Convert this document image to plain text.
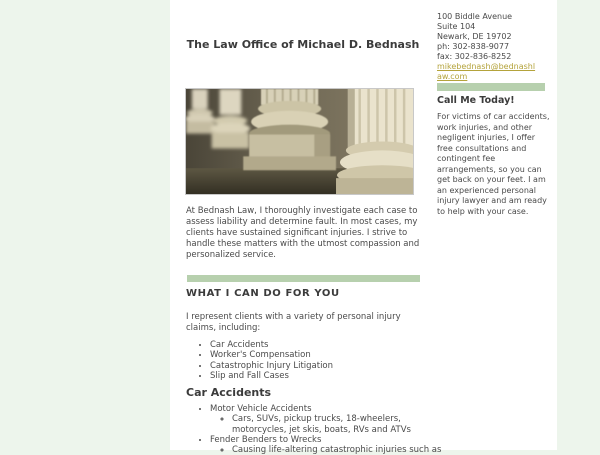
The Law Office of Michael D. Bednash
At Bednash Law, I thoroughly investigate each case to assess liability and determine fault. In most cases, my clients have sustained significant injuries. I strive to handle these matters with the utmost compassion and personalized service.
WHAT I CAN DO FOR YOU
I represent clients with a variety of personal injury claims, including:
• Car Accidents
• Worker's Compensation
• Catastrophic Injury Litigation
• Slip and Fall Cases
Car Accidents
• Motor Vehicle Accidents
◦ Cars, SUVs, pickup trucks, 18-wheelers, motorcycles, jet skis, boats, RVs and ATVs
• Fender Benders to Wrecks
◦ Causing life-altering catastrophic injuries such as
100 Biddle Avenue
Suite 104
Newark, DE 19702
ph: 302-838-9077
fax: 302-836-8252
mikebednash@bednashlaw.com
Call Me Today!
For victims of car accidents, work injuries, and other negligent injuries, I offer free consultations and contingent fee arrangements, so you can get back on your feet. I am an experienced personal injury lawyer and am ready to help with your case.
